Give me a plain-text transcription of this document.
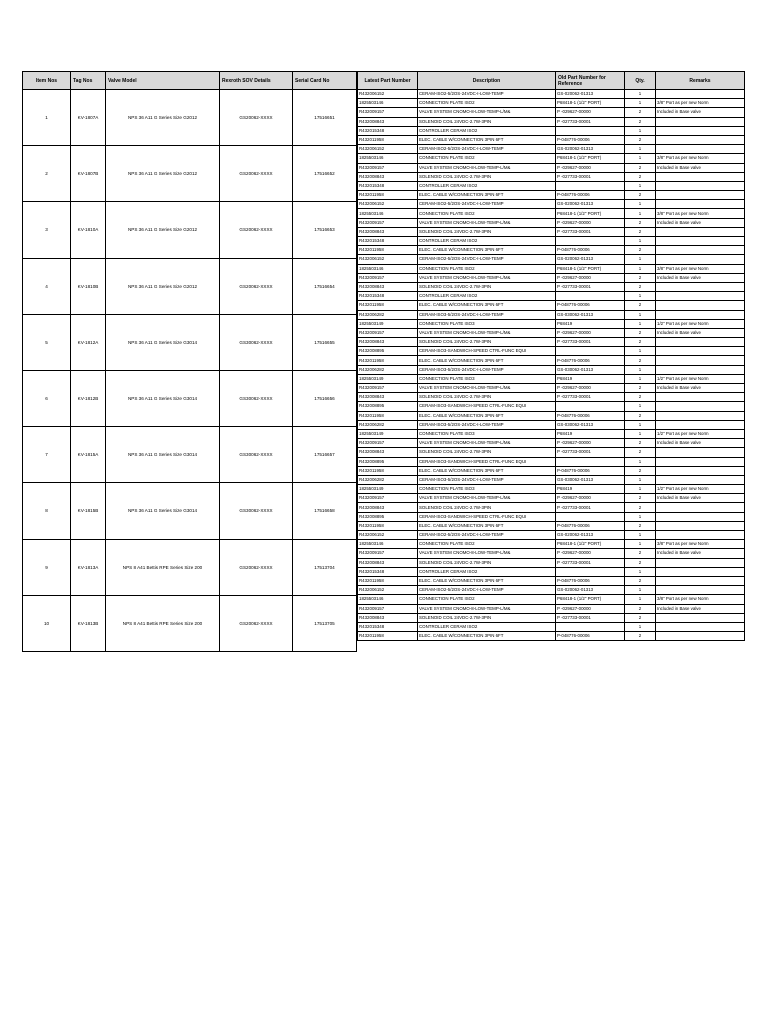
Item Nos	Tag Nos	Valve Model	Rexroth SOV Details	Serial Card No
1	KV-1807A	NPS 36 A11 G Series Size G2012	GS20062-XXXX	17516651
2	KV-1807B	NPS 36 A11 G Series Size G2012	GS20062-XXXX	17516652
3	KV-1810A	NPS 36 A11 G Series Size G2012	GS20062-XXXX	17516653
4	KV-1810B	NPS 36 A11 G Series Size G2012	GS20062-XXXX	17516654
5	KV-1812A	NPS 36 A11 G Series Size G3014	GS30062-XXXX	17516655
6	KV-1812B	NPS 36 A11 G Series Size G3014	GS30062-XXXX	17516656
7	KV-1815A	NPS 36 A11 G Series Size G3014	GS30062-XXXX	17516657
8	KV-1815B	NPS 36 A11 G Series Size G3014	GS30062-XXXX	17516658
9	KV-1813A	NPS 8 A41 Bettis RPE Series Size 200	GS20062-XXXX	17513704
10	KV-1813B	NPS 8 A41 Bettis RPE Series Size 200	GS20062-XXXX	17513705
Latest Part Number	Description	Old Part Number for Reference	Qty.	Remarks
R432006152	CERAM-ISO2-5/2OS-24VDC-I-LOW-TEMP	GS-020062-01313	1	
1825503146	CONNECTION PLATE ISO2	P68418-1 (1/2" PORT)	1	3/8" Port as per new Norm
R432009157	VALVE SYSTEM CNOMO-8-LOW-TEMP-L/M&	P -029627-00000	2	Included in Base valve
R432008843	SOLENOID COIL 24VDC-2.7W-3PIN	P -027733-00001	2	
R432015348	CONTROLLER CERAM ISO2		1	
R432011958	ELEC. CABLE W/CONNECTION 3PIN 6FT	P-048776-00006	2	
R432006152	CERAM-ISO2-5/2OS-24VDC-I-LOW-TEMP	GS-020062-01313	1	
1825503146	CONNECTION PLATE ISO2	P68418-1 (1/2" PORT)	1	3/8" Port as per new Norm
R432009157	VALVE SYSTEM CNOMO-8-LOW-TEMP-L/M&	P -029627-00000	2	Included in Base valve
R432008843	SOLENOID COIL 24VDC-2.7W-3PIN	P -027733-00001	2	
R432015348	CONTROLLER CERAM ISO2		1	
R432011958	ELEC. CABLE W/CONNECTION 3PIN 6FT	P-048776-00006	2	
R432006152	CERAM-ISO2-5/2OS-24VDC-I-LOW-TEMP	GS-020062-01313	1	
1825503146	CONNECTION PLATE ISO2	P68418-1 (1/2" PORT)	1	3/8" Port as per new Norm
R432009157	VALVE SYSTEM CNOMO-8-LOW-TEMP-L/M&	P -029627-00000	2	Included in Base valve
R432008843	SOLENOID COIL 24VDC-2.7W-3PIN	P -027733-00001	2	
R432015348	CONTROLLER CERAM ISO2		1	
R432011958	ELEC. CABLE W/CONNECTION 3PIN 6FT	P-048776-00006	2	
R432006152	CERAM-ISO2-5/2OS-24VDC-I-LOW-TEMP	GS-020062-01313	1	
1825503146	CONNECTION PLATE ISO2	P68418-1 (1/2" PORT)	1	3/8" Port as per new Norm
R432009157	VALVE SYSTEM CNOMO-8-LOW-TEMP-L/M&	P -029627-00000	2	Included in Base valve
R432008843	SOLENOID COIL 24VDC-2.7W-3PIN	P -027733-00001	2	
R432015348	CONTROLLER CERAM ISO2		1	
R432011958	ELEC. CABLE W/CONNECTION 3PIN 6FT	P-048776-00006	2	
R432006282	CERAM-ISO3-5/2OS-24VDC-I-LOW-TEMP	GS-030062-01313	1	
1825503149	CONNECTION PLATE ISO3	P68419	1	1/2" Port as per new Norm
R432009157	VALVE SYSTEM CNOMO-8-LOW-TEMP-L/M&	P -029627-00000	2	Included in Base valve
R432008843	SOLENOID COIL 24VDC-2.7W-3PIN	P -027733-00001	2	
R432008895	CERAM-ISO3-SANDWICH-SPEED CTRL-FUNC EQUI		1	
R432011958	ELEC. CABLE W/CONNECTION 3PIN 6FT	P-048776-00006	2	
R432006282	CERAM-ISO3-5/2OS-24VDC-I-LOW-TEMP	GS-030062-01313	1	
1825503149	CONNECTION PLATE ISO3	P68419	1	1/2" Port as per new Norm
R432009157	VALVE SYSTEM CNOMO-8-LOW-TEMP-L/M&	P -029627-00000	2	Included in Base valve
R432008843	SOLENOID COIL 24VDC-2.7W-3PIN	P -027733-00001	2	
R432008895	CERAM-ISO3-SANDWICH-SPEED CTRL-FUNC EQUI		1	
R432011958	ELEC. CABLE W/CONNECTION 3PIN 6FT	P-048776-00006	2	
R432006282	CERAM-ISO3-5/2OS-24VDC-I-LOW-TEMP	GS-030062-01313	1	
1825503149	CONNECTION PLATE ISO3	P68419	1	1/2" Port as per new Norm
R432009157	VALVE SYSTEM CNOMO-8-LOW-TEMP-L/M&	P -029627-00000	2	Included in Base valve
R432008843	SOLENOID COIL 24VDC-2.7W-3PIN	P -027733-00001	2	
R432008895	CERAM-ISO3-SANDWICH-SPEED CTRL-FUNC EQUI		1	
R432011958	ELEC. CABLE W/CONNECTION 3PIN 6FT	P-048776-00006	2	
R432006282	CERAM-ISO3-5/2OS-24VDC-I-LOW-TEMP	GS-030062-01313	1	
1825503149	CONNECTION PLATE ISO3	P68419	1	1/2" Port as per new Norm
R432009157	VALVE SYSTEM CNOMO-8-LOW-TEMP-L/M&	P -029627-00000	2	Included in Base valve
R432008843	SOLENOID COIL 24VDC-2.7W-3PIN	P -027733-00001	2	
R432008895	CERAM-ISO3-SANDWICH-SPEED CTRL-FUNC EQUI		1	
R432011958	ELEC. CABLE W/CONNECTION 3PIN 6FT	P-048776-00006	2	
R432006152	CERAM-ISO2-5/2OS-24VDC-I-LOW-TEMP	GS-020062-01313	1	
1825503146	CONNECTION PLATE ISO2	P68418-1 (1/2" PORT)	1	3/8" Port as per new Norm
R432009157	VALVE SYSTEM CNOMO-8-LOW-TEMP-L/M&	P -029627-00000	2	Included in Base valve
R432008843	SOLENOID COIL 24VDC-2.7W-3PIN	P -027733-00001	2	
R432015348	CONTROLLER CERAM ISO2		1	
R432011958	ELEC. CABLE W/CONNECTION 3PIN 6FT	P-048776-00006	2	
R432006152	CERAM-ISO2-5/2OS-24VDC-I-LOW-TEMP	GS-020062-01313	1	
1825503146	CONNECTION PLATE ISO2	P68418-1 (1/2" PORT)	1	3/8" Port as per new Norm
R432009157	VALVE SYSTEM CNOMO-8-LOW-TEMP-L/M&	P -029627-00000	2	Included in Base valve
R432008843	SOLENOID COIL 24VDC-2.7W-3PIN	P -027733-00001	2	
R432015348	CONTROLLER CERAM ISO2		1	
R432011958	ELEC. CABLE W/CONNECTION 3PIN 6FT	P-048776-00006	2	
